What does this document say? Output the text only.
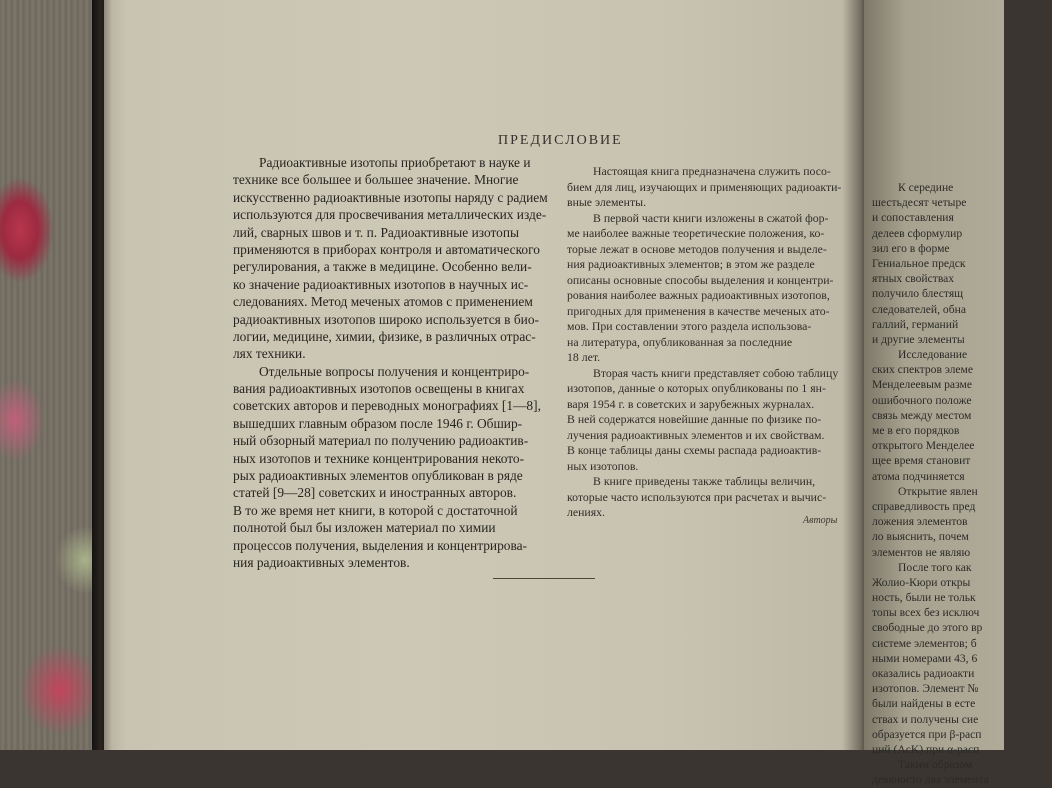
ПРЕДИСЛОВИЕ
Радиоактивные изотопы приобретают в науке и
технике все большее и большее значение. Многие
искусственно радиоактивные изотопы наряду с радием
используются для просвечивания металлических изде-
лий, сварных швов и т. п. Радиоактивные изотопы
применяются в приборах контроля и автоматического
регулирования, а также в медицине. Особенно вели-
ко значение радиоактивных изотопов в научных ис-
следованиях. Метод меченых атомов с применением
радиоактивных изотопов широко используется в био-
логии, медицине, химии, физике, в различных отрас-
лях техники.
Отдельные вопросы получения и концентриро-
вания радиоактивных изотопов освещены в книгах
советских авторов и переводных монографиях [1—8],
вышедших главным образом после 1946 г. Обшир-
ный обзорный материал по получению радиоактив-
ных изотопов и технике концентрирования некото-
рых радиоактивных элементов опубликован в ряде
статей [9—28] советских и иностранных авторов.
В то же время нет книги, в которой с достаточной
полнотой был бы изложен материал по химии
процессов получения, выделения и концентрирова-
ния радиоактивных элементов.
Настоящая книга предназначена служить посо-
бием для лиц, изучающих и применяющих радиоакти-
вные элементы.
В первой части книги изложены в сжатой фор-
ме наиболее важные теоретические положения, ко-
торые лежат в основе методов получения и выделе-
ния радиоактивных элементов; в этом же разделе
описаны основные способы выделения и концентри-
рования наиболее важных радиоактивных изотопов,
пригодных для применения в качестве меченых ато-
мов. При составлении этого раздела использова-
на литература, опубликованная за последние
18 лет.
Вторая часть книги представляет собою таблицу
изотопов, данные о которых опубликованы по 1 ян-
варя 1954 г. в советских и зарубежных журналах.
В ней содержатся новейшие данные по физике по-
лучения радиоактивных элементов и их свойствам.
В конце таблицы даны схемы распада радиоактив-
ных изотопов.
В книге приведены также таблицы величин,
которые часто используются при расчетах и вычис-
лениях.
Авторы
К середине
шестьдесят четыре
и сопоставления
делеев сформулир
зил его в форме
Гениальное предск
ятных свойствах
получило блестящ
следователей, обна
галлий, германий
и другие элементы
Исследование
ских спектров элеме
Менделеевым разме
ошибочного положе
связь между местом
ме в его порядков
открытого Менделее
щее время становит
атома подчиняется
Открытие явлен
справедливость пред
ложения элементов
ло выяснить, почем
элементов не являю
После того как
Жолио-Кюри откры
ность, были не тольк
топы всех без исключ
свободные до этого вр
системе элементов; б
ными номерами 43, 6
оказались радиоакти
изотопов. Элемент №
были найдены в есте
ствах и получены сие
образуется при β-расп
ций (AcK) при α-расп
Таким образом
девяносто два элемента
